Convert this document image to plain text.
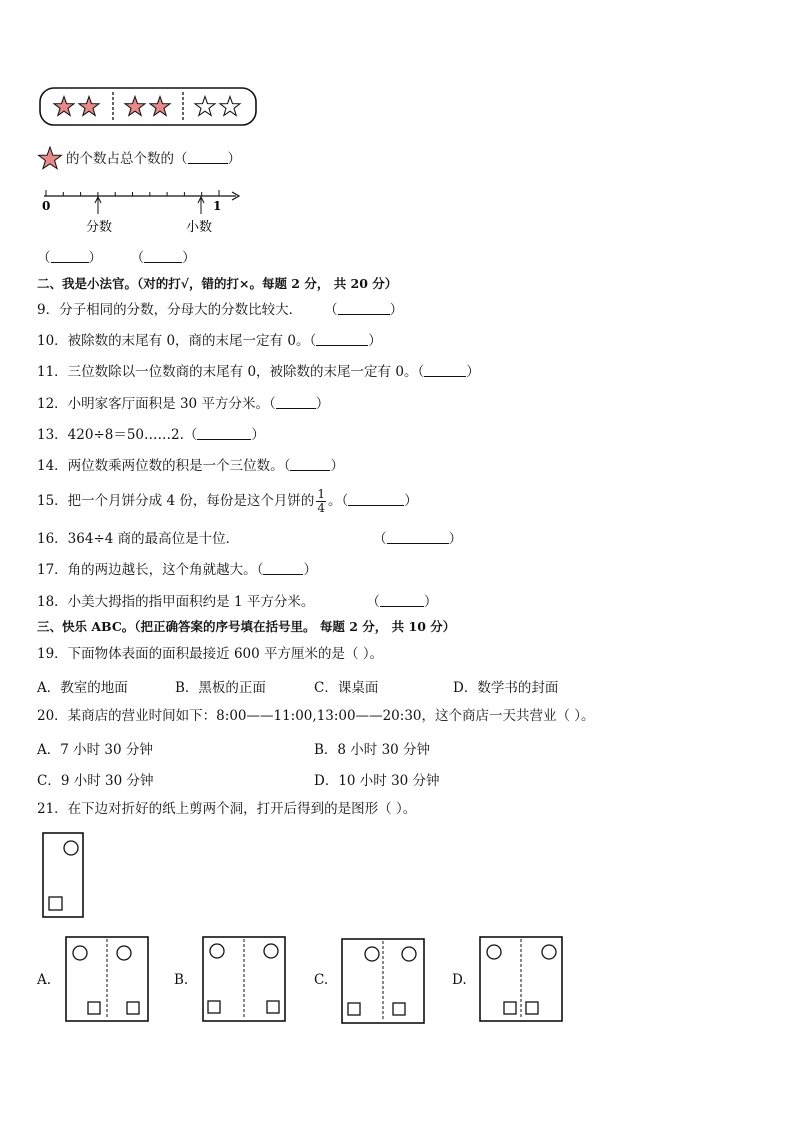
的个数占总个数的（	）
0	1
分数	小数
（	） （	）
二、我是小法官。（对的打√，错的打×。每题 2 分， 共 20 分）
9．分子相同的分数，分母大的分数比较大． （	）
10．被除数的末尾有 0，商的末尾一定有 0。（	）
11．三位数除以一位数商的末尾有 0，被除数的末尾一定有 0。（	）
12．小明家客厅面积是 30 平方分米。（	）
13．420÷8＝50……2.（	）
14．两位数乘两位数的积是一个三位数。（	）
15．把一个月饼分成 4 份，每份是这个月饼的 $\frac{1}{4}$ 。（	）
16．364÷4 商的最高位是十位．	（	）
17．角的两边越长，这个角就越大。（	）
18．小美大拇指的指甲面积约是 1 平方分米。	（	）
三、快乐 ABC。（把正确答案的序号填在括号里。 每题 2 分， 共 10 分）
19．下面物体表面的面积最接近 600 平方厘米的是（ ）。
A．教室的地面	B．黑板的正面	C．课桌面	D．数学书的封面
20．某商店的营业时间如下：8:00——11:00,13:00——20:30，这个商店一天共营业（ ）。
A．7 小时 30 分钟	B．8 小时 30 分钟
C．9 小时 30 分钟	D．10 小时 30 分钟
21．在下边对折好的纸上剪两个洞，打开后得到的是图形（ ）。
A.	B.	C.	D.
